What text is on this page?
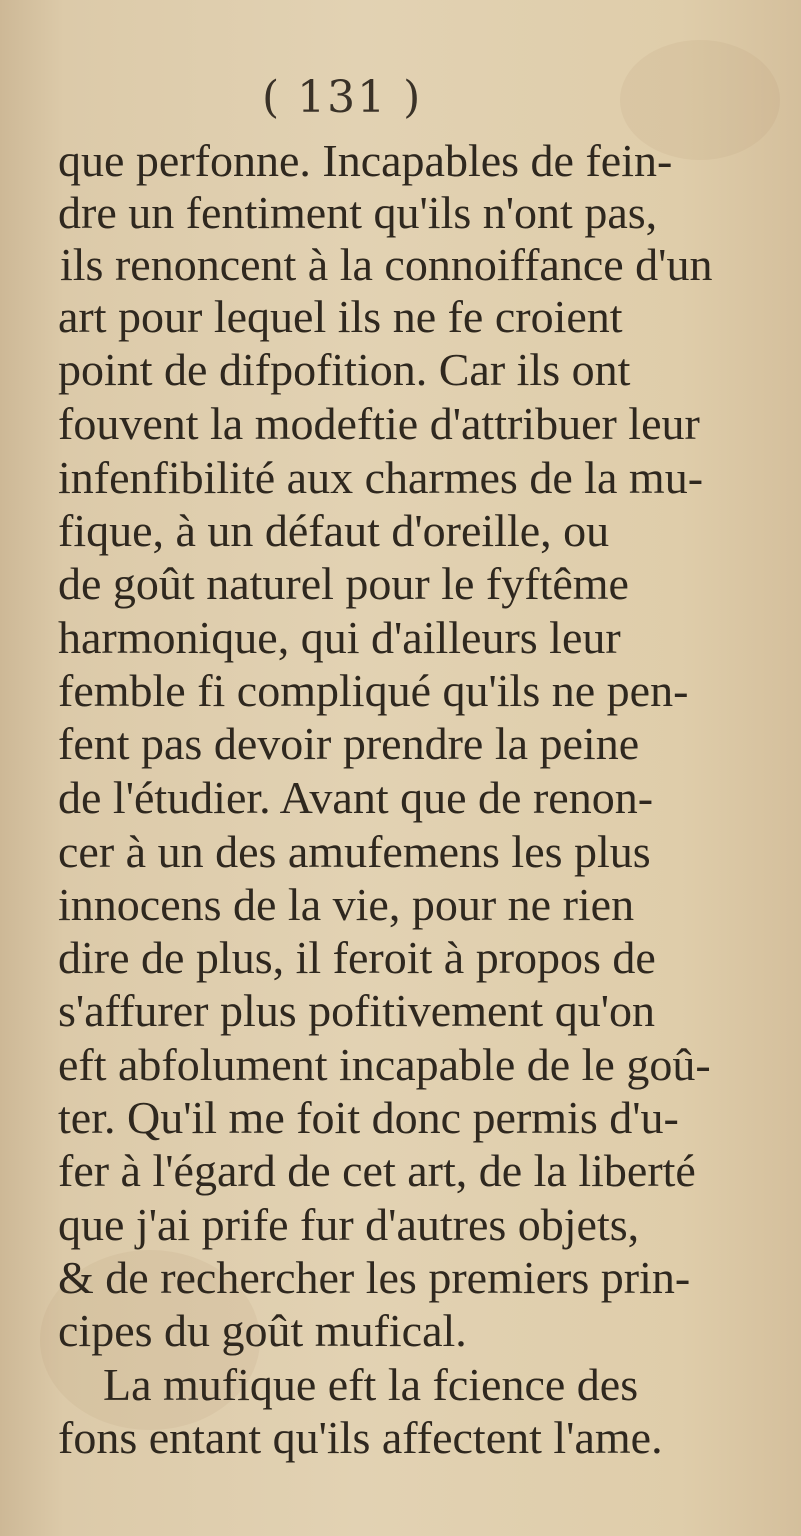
( 131 )
que perfonne. Incapables de fein-
dre un fentiment qu'ils n'ont pas,
ils renoncent à la connoiffance d'un
art pour lequel ils ne fe croient
point de difpofition. Car ils ont
fouvent la modeftie d'attribuer leur
infenfibilité aux charmes de la mu-
fique, à un défaut d'oreille, ou
de goût naturel pour le fyftême
harmonique, qui d'ailleurs leur
femble fi compliqué qu'ils ne pen-
fent pas devoir prendre la peine
de l'étudier. Avant que de renon-
cer à un des amufemens les plus
innocens de la vie, pour ne rien
dire de plus, il feroit à propos de
s'affurer plus pofitivement qu'on
eft abfolument incapable de le goû-
ter. Qu'il me foit donc permis d'u-
fer à l'égard de cet art, de la liberté
que j'ai prife fur d'autres objets,
& de rechercher les premiers prin-
cipes du goût mufical.
La mufique eft la fcience des
fons entant qu'ils affectent l'ame.
